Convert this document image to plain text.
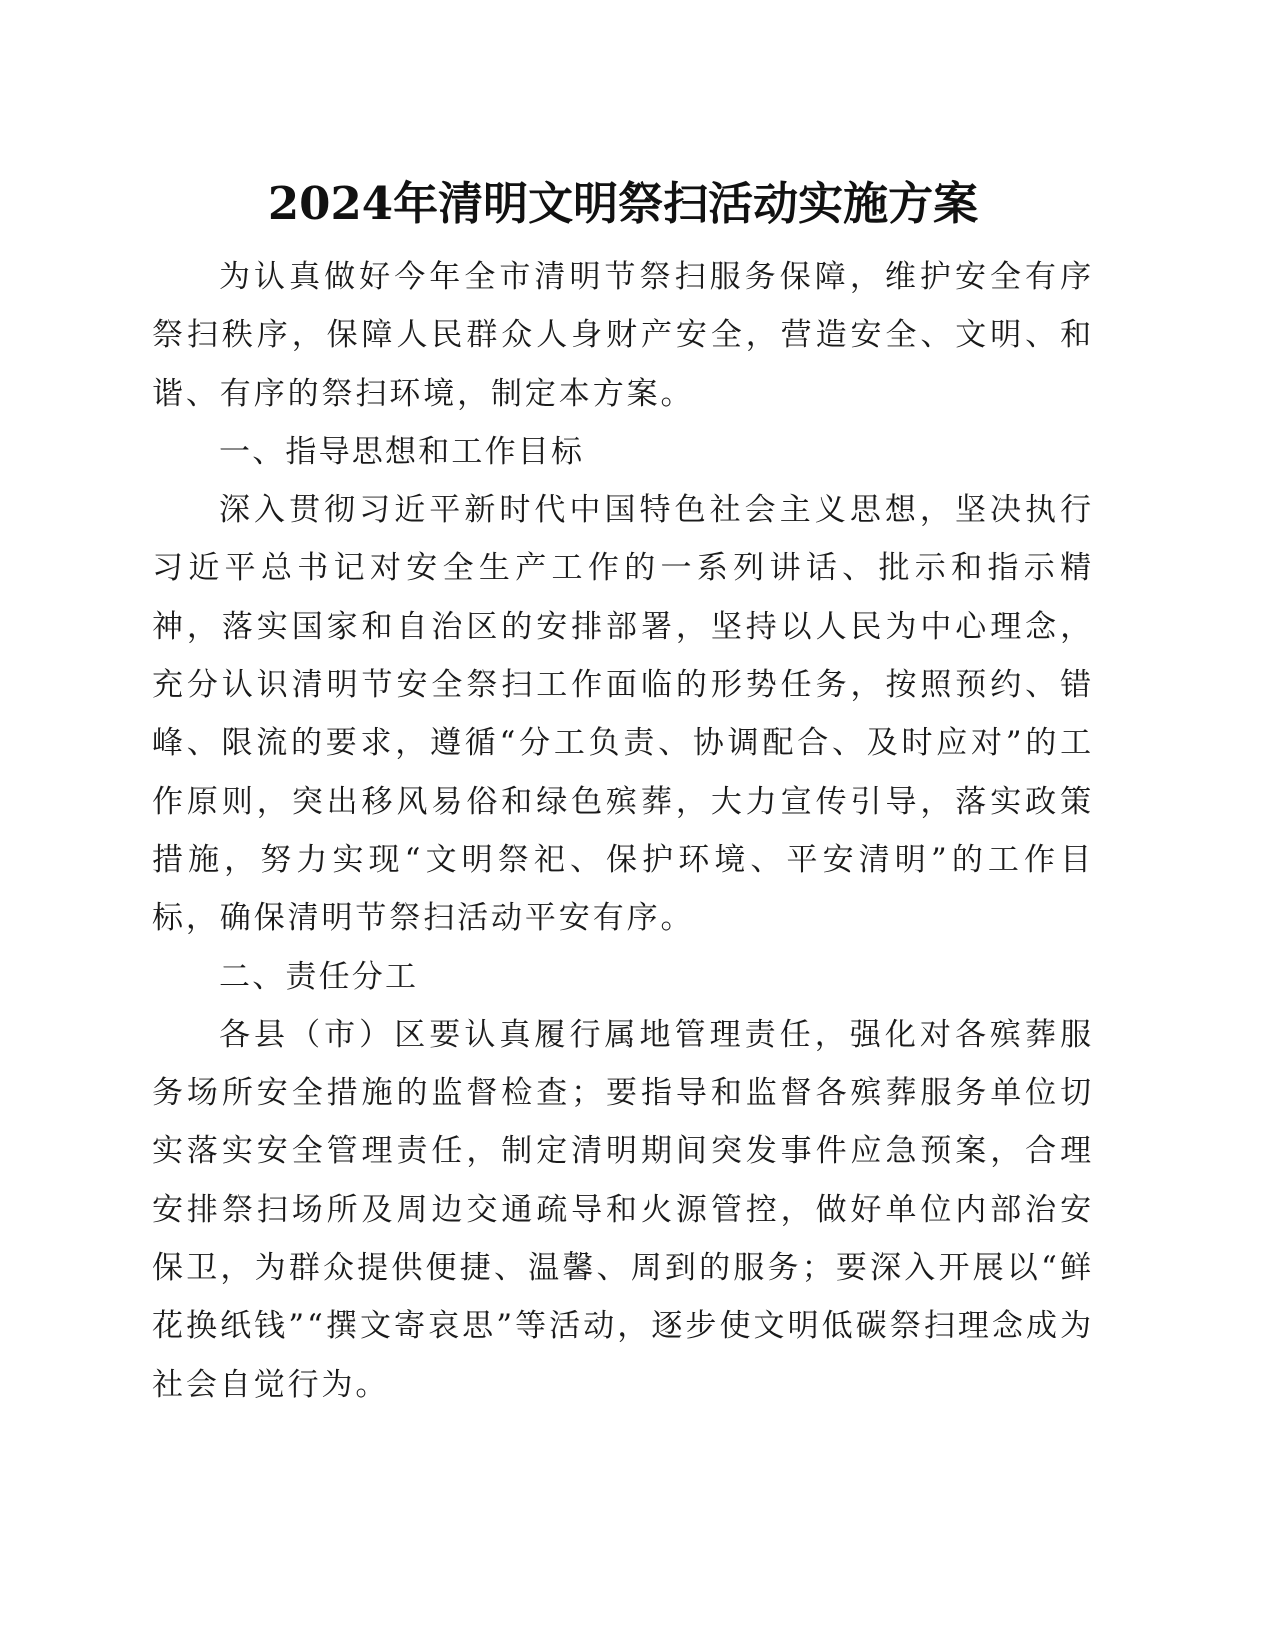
2024年清明文明祭扫活动实施方案

为认真做好今年全市清明节祭扫服务保障，维护安全有序祭扫秩序，保障人民群众人身财产安全，营造安全、文明、和谐、有序的祭扫环境，制定本方案。

一、指导思想和工作目标

深入贯彻习近平新时代中国特色社会主义思想，坚决执行习近平总书记对安全生产工作的一系列讲话、批示和指示精神，落实国家和自治区的安排部署，坚持以人民为中心理念，充分认识清明节安全祭扫工作面临的形势任务，按照预约、错峰、限流的要求，遵循“分工负责、协调配合、及时应对”的工作原则，突出移风易俗和绿色殡葬，大力宣传引导，落实政策措施，努力实现“文明祭祀、保护环境、平安清明”的工作目标，确保清明节祭扫活动平安有序。

二、责任分工

各县（市）区要认真履行属地管理责任，强化对各殡葬服务场所安全措施的监督检查；要指导和监督各殡葬服务单位切实落实安全管理责任，制定清明期间突发事件应急预案，合理安排祭扫场所及周边交通疏导和火源管控，做好单位内部治安保卫，为群众提供便捷、温馨、周到的服务；要深入开展以“鲜花换纸钱”“撰文寄哀思”等活动，逐步使文明低碳祭扫理念成为社会自觉行为。
